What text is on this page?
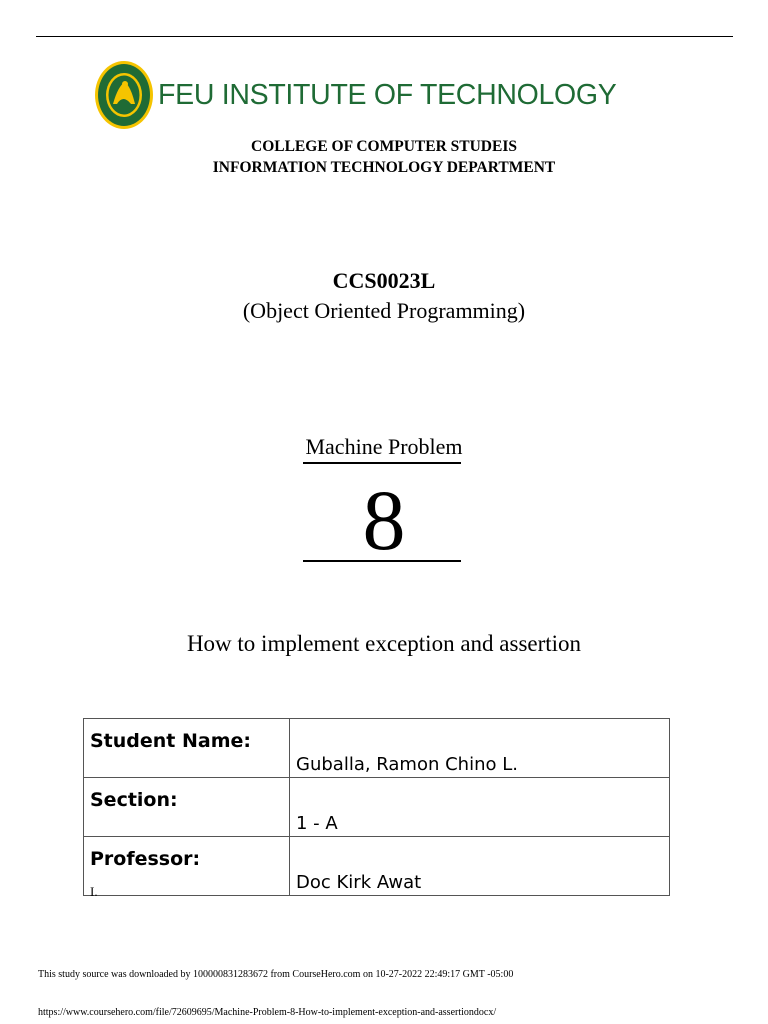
FEU INSTITUTE OF TECHNOLOGY
COLLEGE OF COMPUTER STUDEIS
INFORMATION TECHNOLOGY DEPARTMENT
CCS0023L
(Object Oriented Programming)
Machine Problem
8
How to implement exception and assertion
Student Name:	Guballa, Ramon Chino L.
Section:	1 - A
Professor:	Doc Kirk Awat
I.
This study source was downloaded by 100000831283672 from CourseHero.com on 10-27-2022 22:49:17 GMT -05:00
https://www.coursehero.com/file/72609695/Machine-Problem-8-How-to-implement-exception-and-assertiondocx/
